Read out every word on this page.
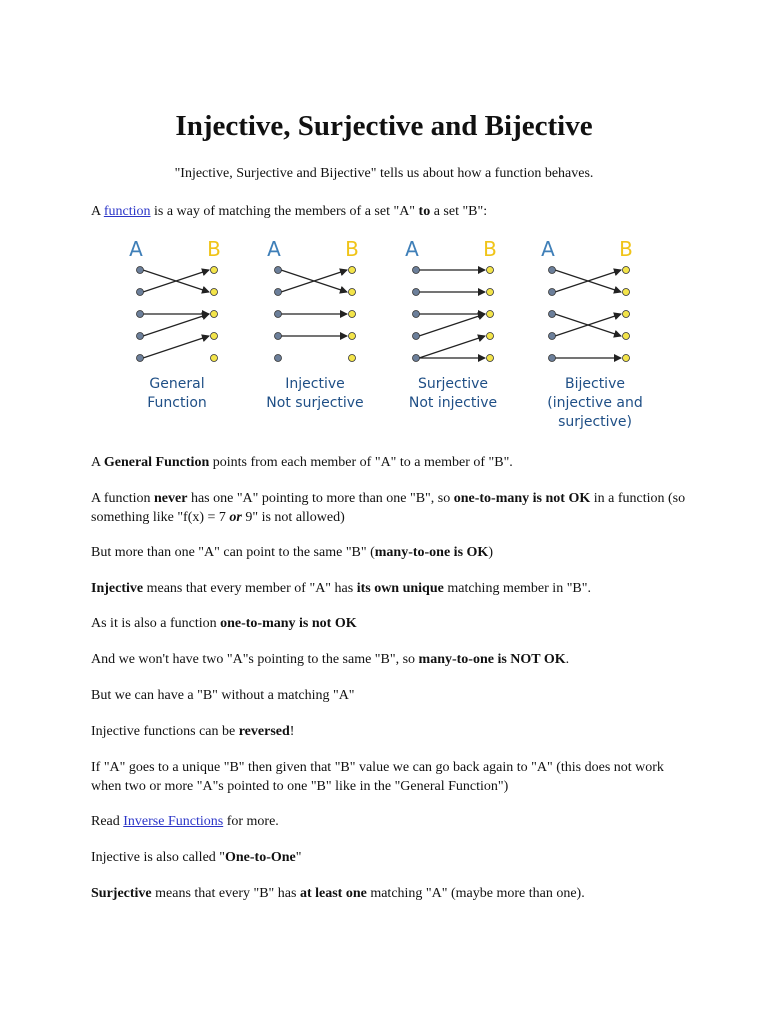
Injective, Surjective and Bijective

"Injective, Surjective and Bijective" tells us about how a function behaves.

A function is a way of matching the members of a set "A" to a set "B":

A	B
General
Function
A	B
Injective
Not surjective
A	B
Surjective
Not injective
A	B
Bijective
(injective and
surjective)

A General Function points from each member of "A" to a member of "B".

A function never has one "A" pointing to more than one "B", so one-to-many is not OK in a function (so something like "f(x) = 7 or 9" is not allowed)

But more than one "A" can point to the same "B" (many-to-one is OK)

Injective means that every member of "A" has its own unique matching member in "B".

As it is also a function one-to-many is not OK

And we won't have two "A"s pointing to the same "B", so many-to-one is NOT OK.

But we can have a "B" without a matching "A"

Injective functions can be reversed!

If "A" goes to a unique "B" then given that "B" value we can go back again to "A" (this does not work when two or more "A"s pointed to one "B" like in the "General Function")

Read Inverse Functions for more.

Injective is also called "One-to-One"

Surjective means that every "B" has at least one matching "A" (maybe more than one).
